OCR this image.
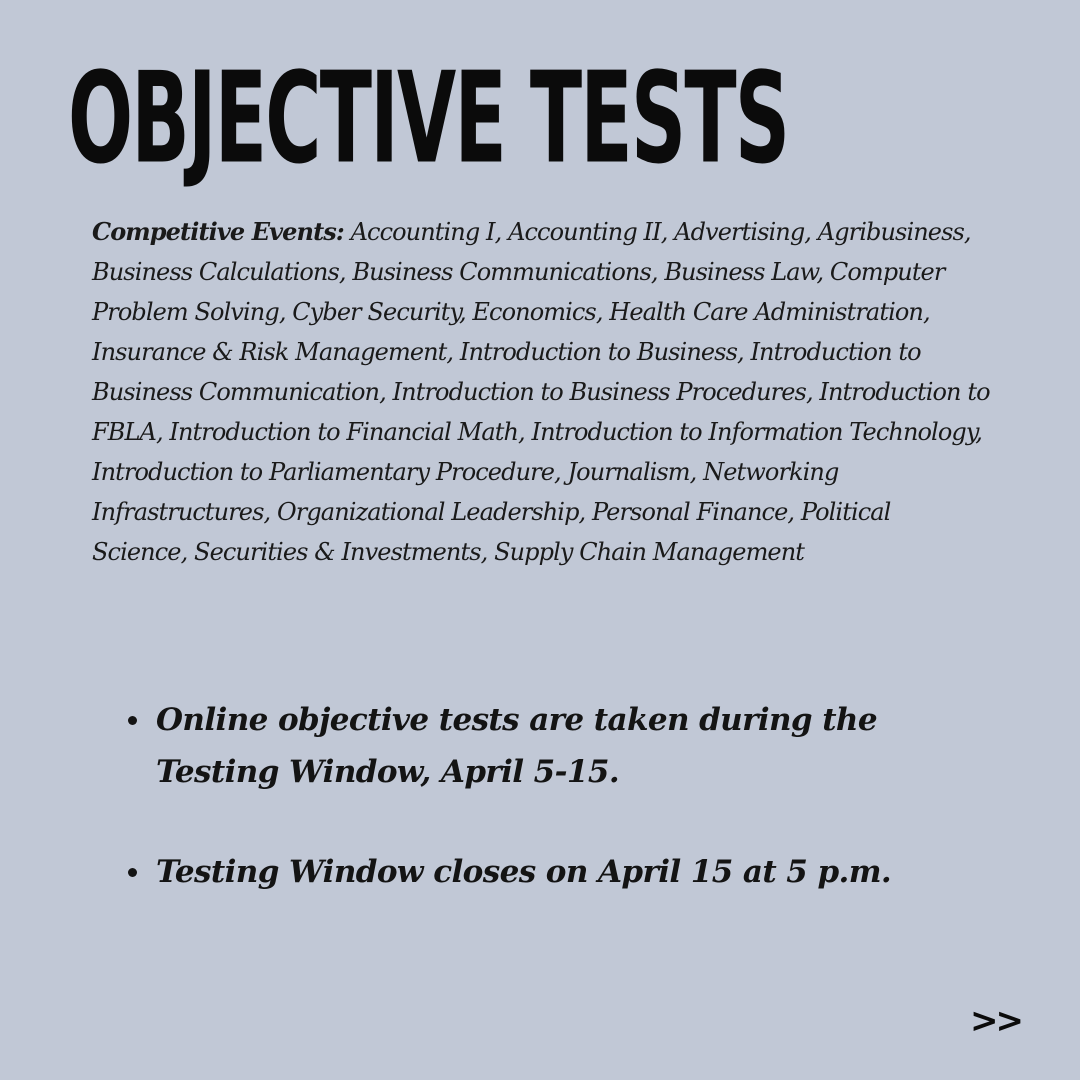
OBJECTIVE TESTS

Competitive Events: Accounting I, Accounting II, Advertising, Agribusiness, Business Calculations, Business Communications, Business Law, Computer Problem Solving, Cyber Security, Economics, Health Care Administration, Insurance & Risk Management, Introduction to Business, Introduction to Business Communication, Introduction to Business Procedures, Introduction to FBLA, Introduction to Financial Math, Introduction to Information Technology, Introduction to Parliamentary Procedure, Journalism, Networking Infrastructures, Organizational Leadership, Personal Finance, Political Science, Securities & Investments, Supply Chain Management

Online objective tests are taken during the Testing Window, April 5-15.
Testing Window closes on April 15 at 5 p.m.
>>
